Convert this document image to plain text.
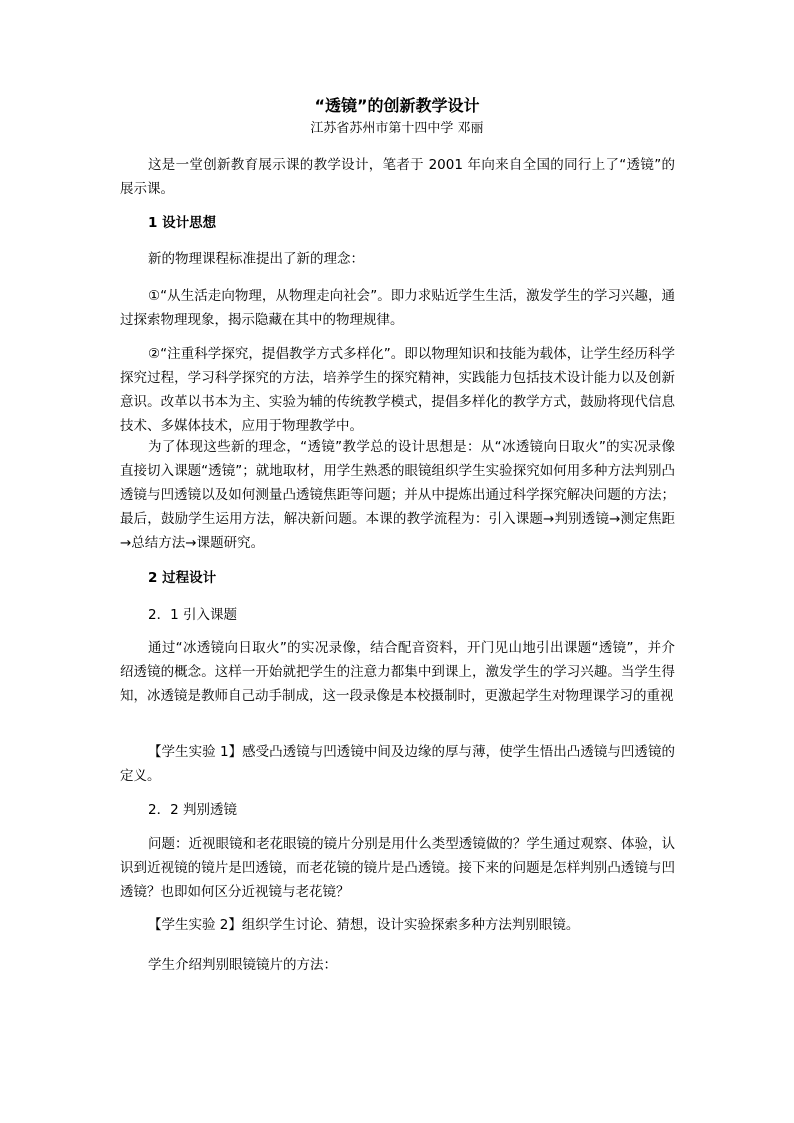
“透镜”的创新教学设计
江苏省苏州市第十四中学 邓丽
这是一堂创新教育展示课的教学设计，笔者于 2001 年向来自全国的同行上了“透镜”的展示课。
1 设计思想
新的物理课程标准提出了新的理念：
①“从生活走向物理，从物理走向社会”。即力求贴近学生生活，激发学生的学习兴趣，通过探索物理现象，揭示隐藏在其中的物理规律。
②“注重科学探究，提倡教学方式多样化”。即以物理知识和技能为载体，让学生经历科学探究过程，学习科学探究的方法，培养学生的探究精神，实践能力包括技术设计能力以及创新意识。改革以书本为主、实验为辅的传统教学模式，提倡多样化的教学方式，鼓励将现代信息技术、多媒体技术，应用于物理教学中。
为了体现这些新的理念，“透镜”教学总的设计思想是：从“冰透镜向日取火”的实况录像直接切入课题“透镜”；就地取材，用学生熟悉的眼镜组织学生实验探究如何用多种方法判别凸透镜与凹透镜以及如何测量凸透镜焦距等问题；并从中提炼出通过科学探究解决问题的方法；最后，鼓励学生运用方法，解决新问题。本课的教学流程为：引入课题→判别透镜→测定焦距→总结方法→课题研究。
2 过程设计
2．1 引入课题
通过“冰透镜向日取火”的实况录像，结合配音资料，开门见山地引出课题“透镜”，并介绍透镜的概念。这样一开始就把学生的注意力都集中到课上，激发学生的学习兴趣。当学生得知，冰透镜是教师自己动手制成，这一段录像是本校摄制时，更激起学生对物理课学习的重视
【学生实验 1】感受凸透镜与凹透镜中间及边缘的厚与薄，使学生悟出凸透镜与凹透镜的定义。
2．2 判别透镜
问题：近视眼镜和老花眼镜的镜片分别是用什么类型透镜做的？学生通过观察、体验，认识到近视镜的镜片是凹透镜，而老花镜的镜片是凸透镜。接下来的问题是怎样判别凸透镜与凹透镜？也即如何区分近视镜与老花镜？
【学生实验 2】组织学生讨论、猜想，设计实验探索多种方法判别眼镜。
学生介绍判别眼镜镜片的方法：
